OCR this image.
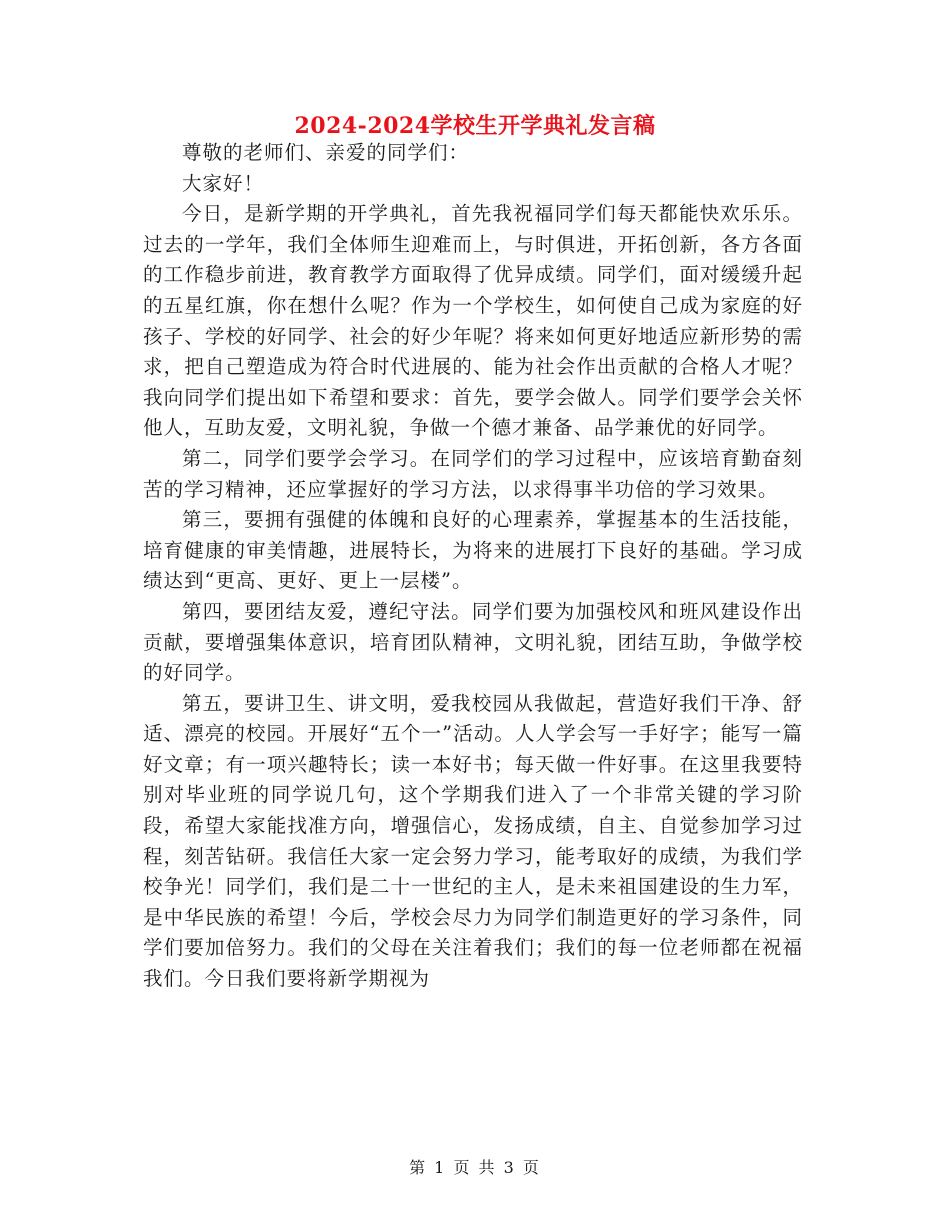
2024-2024学校生开学典礼发言稿

尊敬的老师们、亲爱的同学们：

大家好！

今日，是新学期的开学典礼，首先我祝福同学们每天都能快欢乐乐。过去的一学年，我们全体师生迎难而上，与时俱进，开拓创新，各方各面的工作稳步前进，教育教学方面取得了优异成绩。同学们，面对缓缓升起的五星红旗，你在想什么呢？作为一个学校生，如何使自己成为家庭的好孩子、学校的好同学、社会的好少年呢？将来如何更好地适应新形势的需求，把自己塑造成为符合时代进展的、能为社会作出贡献的合格人才呢？我向同学们提出如下希望和要求：首先，要学会做人。同学们要学会关怀他人，互助友爱，文明礼貌，争做一个德才兼备、品学兼优的好同学。

第二，同学们要学会学习。在同学们的学习过程中，应该培育勤奋刻苦的学习精神，还应掌握好的学习方法，以求得事半功倍的学习效果。

第三，要拥有强健的体魄和良好的心理素养，掌握基本的生活技能，培育健康的审美情趣，进展特长，为将来的进展打下良好的基础。学习成绩达到“更高、更好、更上一层楼”。

第四，要团结友爱，遵纪守法。同学们要为加强校风和班风建设作出贡献，要增强集体意识，培育团队精神，文明礼貌，团结互助，争做学校的好同学。

第五，要讲卫生、讲文明，爱我校园从我做起，营造好我们干净、舒适、漂亮的校园。开展好“五个一”活动。人人学会写一手好字；能写一篇好文章；有一项兴趣特长；读一本好书；每天做一件好事。在这里我要特别对毕业班的同学说几句，这个学期我们进入了一个非常关键的学习阶段，希望大家能找准方向，增强信心，发扬成绩，自主、自觉参加学习过程，刻苦钻研。我信任大家一定会努力学习，能考取好的成绩，为我们学校争光！同学们，我们是二十一世纪的主人，是未来祖国建设的生力军，是中华民族的希望！今后，学校会尽力为同学们制造更好的学习条件，同学们要加倍努力。我们的父母在关注着我们；我们的每一位老师都在祝福我们。今日我们要将新学期视为

第 1 页 共 3 页
